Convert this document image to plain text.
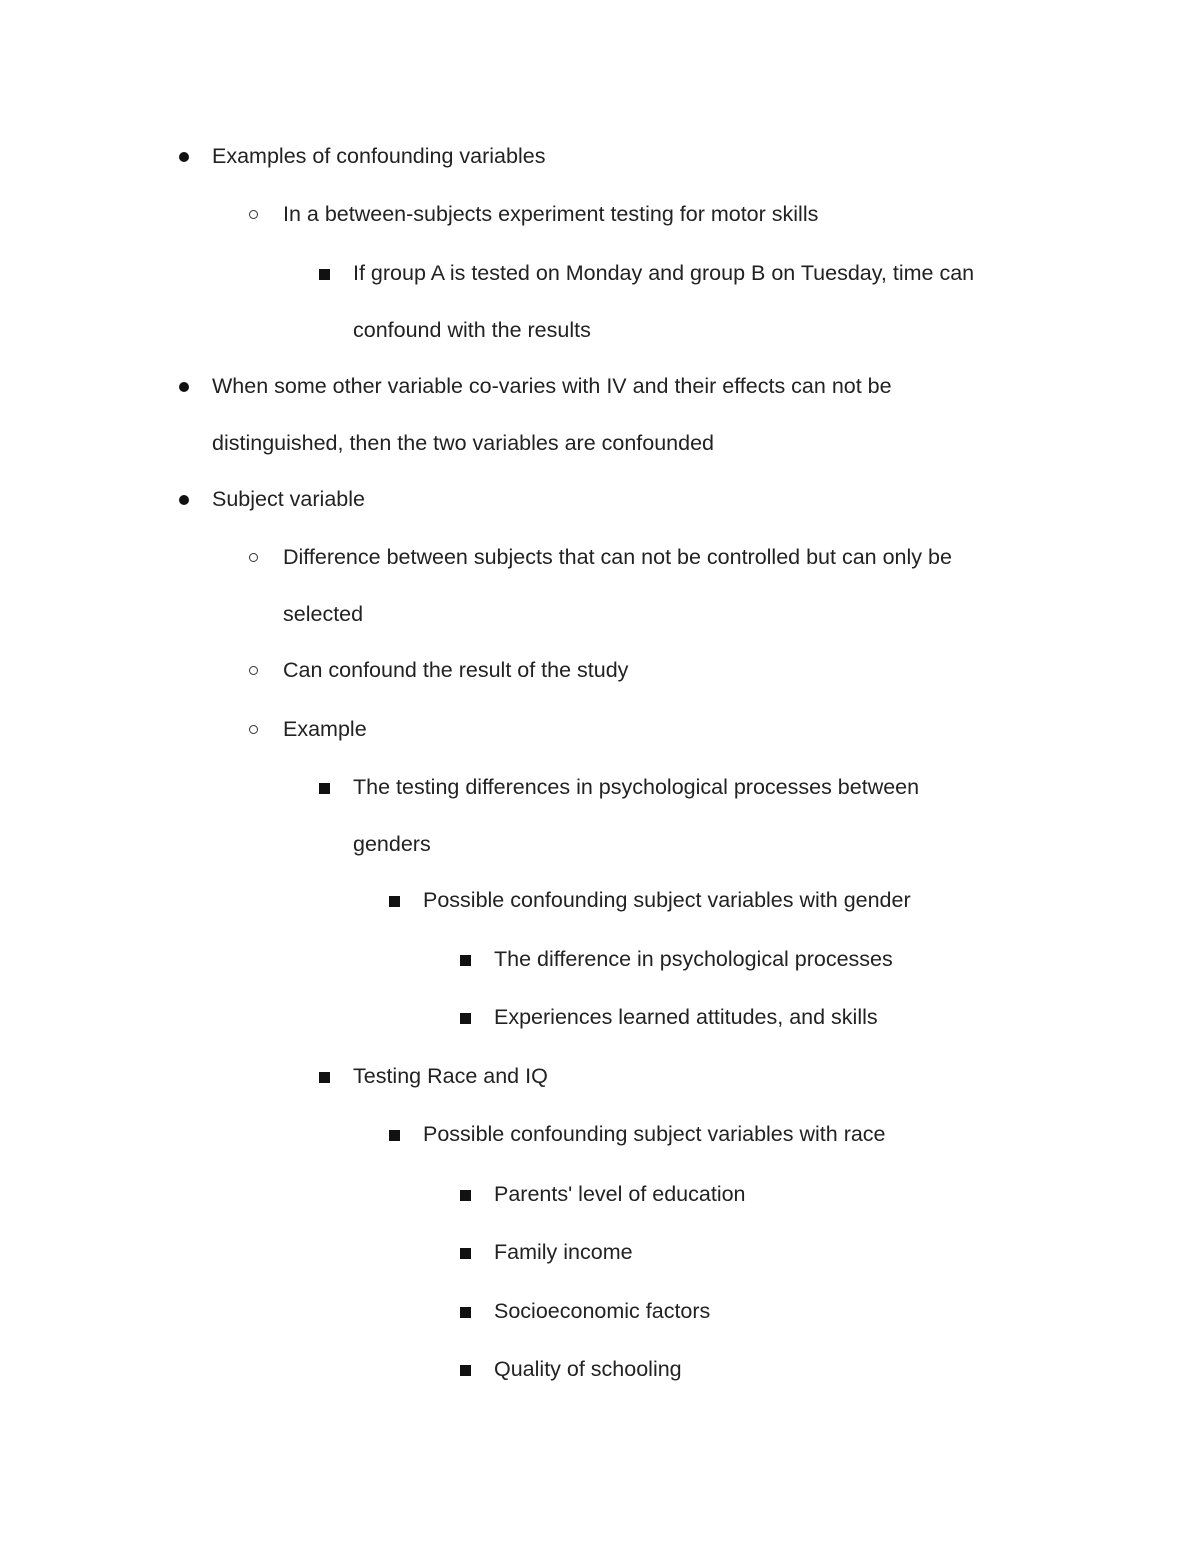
Examples of confounding variables
In a between-subjects experiment testing for motor skills
If group A is tested on Monday and group B on Tuesday, time can
confound with the results
When some other variable co-varies with IV and their effects can not be
distinguished, then the two variables are confounded
Subject variable
Difference between subjects that can not be controlled but can only be
selected
Can confound the result of the study
Example
The testing differences in psychological processes between
genders
Possible confounding subject variables with gender
The difference in psychological processes
Experiences learned attitudes, and skills
Testing Race and IQ
Possible confounding subject variables with race
Parents' level of education
Family income
Socioeconomic factors
Quality of schooling
